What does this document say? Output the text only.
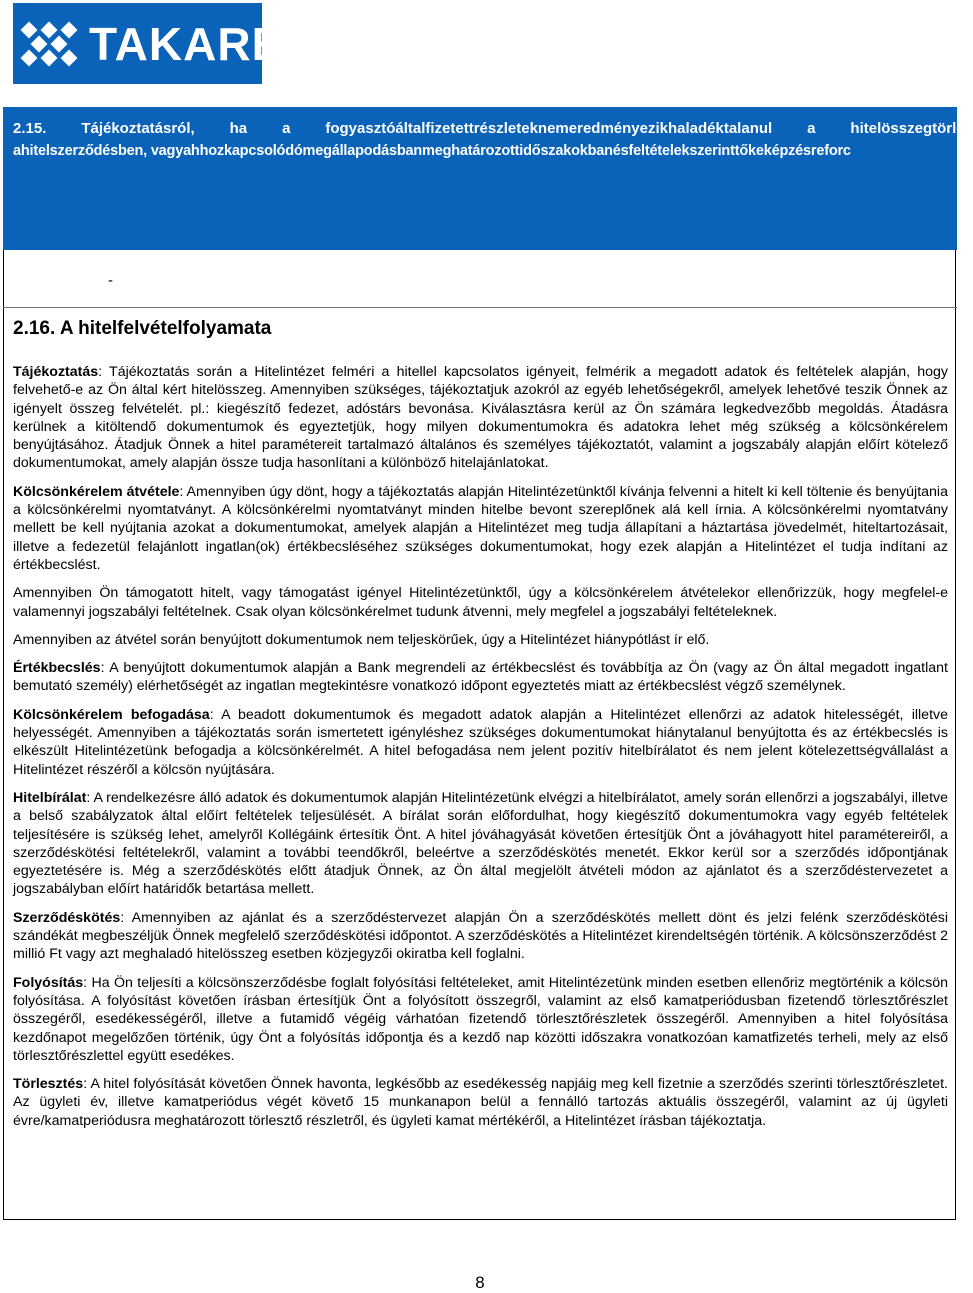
TAKARÉK
2.15. Tájékoztatásról, ha a fogyasztóáltalfizetettrészleteknemeredményezikhaladéktalanul a hitelösszegtörles
ahitelszerződésben, vagyahhozkapcsolódómegállapodásbanmeghatározottidőszakokbanésfeltételekszerinttőkeképzésreforc
-
2.16. A hitelfelvételfolyamata

Tájékoztatás: Tájékoztatás során a Hitelintézet felméri a hitellel kapcsolatos igényeit, felmérik a megadott adatok és feltételek alapján, hogy felvehető-e az Ön által kért hitelösszeg. Amennyiben szükséges, tájékoztatjuk azokról az egyéb lehetőségekről, amelyek lehetővé teszik Önnek az igényelt összeg felvételét. pl.: kiegészítő fedezet, adóstárs bevonása. Kiválasztásra kerül az Ön számára legkedvezőbb megoldás. Átadásra kerülnek a kitöltendő dokumentumok és egyeztetjük, hogy milyen dokumentumokra és adatokra lehet még szükség a kölcsönkérelem benyújtásához. Átadjuk Önnek a hitel paramétereit tartalmazó általános és személyes tájékoztatót, valamint a jogszabály alapján előírt kötelező dokumentumokat, amely alapján össze tudja hasonlítani a különböző hitelajánlatokat.

Kölcsönkérelem átvétele: Amennyiben úgy dönt, hogy a tájékoztatás alapján Hitelintézetünktől kívánja felvenni a hitelt ki kell töltenie és benyújtania a kölcsönkérelmi nyomtatványt. A kölcsönkérelmi nyomtatványt minden hitelbe bevont szereplőnek alá kell írnia. A kölcsönkérelmi nyomtatvány mellett be kell nyújtania azokat a dokumentumokat, amelyek alapján a Hitelintézet meg tudja állapítani a háztartása jövedelmét, hiteltartozásait, illetve a fedezetül felajánlott ingatlan(ok) értékbecsléséhez szükséges dokumentumokat, hogy ezek alapján a Hitelintézet el tudja indítani az értékbecslést.

Amennyiben Ön támogatott hitelt, vagy támogatást igényel Hitelintézetünktől, úgy a kölcsönkérelem átvételekor ellenőrizzük, hogy megfelel-e valamennyi jogszabályi feltételnek. Csak olyan kölcsönkérelmet tudunk átvenni, mely megfelel a jogszabályi feltételeknek.

Amennyiben az átvétel során benyújtott dokumentumok nem teljeskörűek, úgy a Hitelintézet hiánypótlást ír elő.

Értékbecslés: A benyújtott dokumentumok alapján a Bank megrendeli az értékbecslést és továbbítja az Ön (vagy az Ön által megadott ingatlant bemutató személy) elérhetőségét az ingatlan megtekintésre vonatkozó időpont egyeztetés miatt az értékbecslést végző személynek.

Kölcsönkérelem befogadása: A beadott dokumentumok és megadott adatok alapján a Hitelintézet ellenőrzi az adatok hitelességét, illetve helyességét. Amennyiben a tájékoztatás során ismertetett igényléshez szükséges dokumentumokat hiánytalanul benyújtotta és az értékbecslés is elkészült Hitelintézetünk befogadja a kölcsönkérelmét. A hitel befogadása nem jelent pozitív hitelbírálatot és nem jelent kötelezettségvállalást a Hitelintézet részéről a kölcsön nyújtására.

Hitelbírálat: A rendelkezésre álló adatok és dokumentumok alapján Hitelintézetünk elvégzi a hitelbírálatot, amely során ellenőrzi a jogszabályi, illetve a belső szabályzatok által előírt feltételek teljesülését. A bírálat során előfordulhat, hogy kiegészítő dokumentumokra vagy egyéb feltételek teljesítésére is szükség lehet, amelyről Kollégáink értesítik Önt. A hitel jóváhagyását követően értesítjük Önt a jóváhagyott hitel paramétereiről, a szerződéskötési feltételekről, valamint a további teendőkről, beleértve a szerződéskötés menetét. Ekkor kerül sor a szerződés időpontjának egyeztetésére is. Még a szerződéskötés előtt átadjuk Önnek, az Ön által megjelölt átvételi módon az ajánlatot és a szerződéstervezetet a jogszabályban előírt határidők betartása mellett.

Szerződéskötés: Amennyiben az ajánlat és a szerződéstervezet alapján Ön a szerződéskötés mellett dönt és jelzi felénk szerződéskötési szándékát megbeszéljük Önnek megfelelő szerződéskötési időpontot. A szerződéskötés a Hitelintézet kirendeltségén történik. A kölcsönszerződést 2 millió Ft vagy azt meghaladó hitelösszeg esetben közjegyzői okiratba kell foglalni.

Folyósítás: Ha Ön teljesíti a kölcsönszerződésbe foglalt folyósítási feltételeket, amit Hitelintézetünk minden esetben ellenőriz megtörténik a kölcsön folyósítása. A folyósítást követően írásban értesítjük Önt a folyósított összegről, valamint az első kamatperiódusban fizetendő törlesztőrészlet összegéről, esedékességéről, illetve a futamidő végéig várhatóan fizetendő törlesztőrészletek összegéről. Amennyiben a hitel folyósítása kezdőnapot megelőzően történik, úgy Önt a folyósítás időpontja és a kezdő nap közötti időszakra vonatkozóan kamatfizetés terheli, mely az első törlesztőrészlettel együtt esedékes.

Törlesztés: A hitel folyósítását követően Önnek havonta, legkésőbb az esedékesség napjáig meg kell fizetnie a szerződés szerinti törlesztőrészletet. Az ügyleti év, illetve kamatperiódus végét követő 15 munkanapon belül a fennálló tartozás aktuális összegéről, valamint az új ügyleti évre/kamatperiódusra meghatározott törlesztő részletről, és ügyleti kamat mértékéről, a Hitelintézet írásban tájékoztatja.

8
